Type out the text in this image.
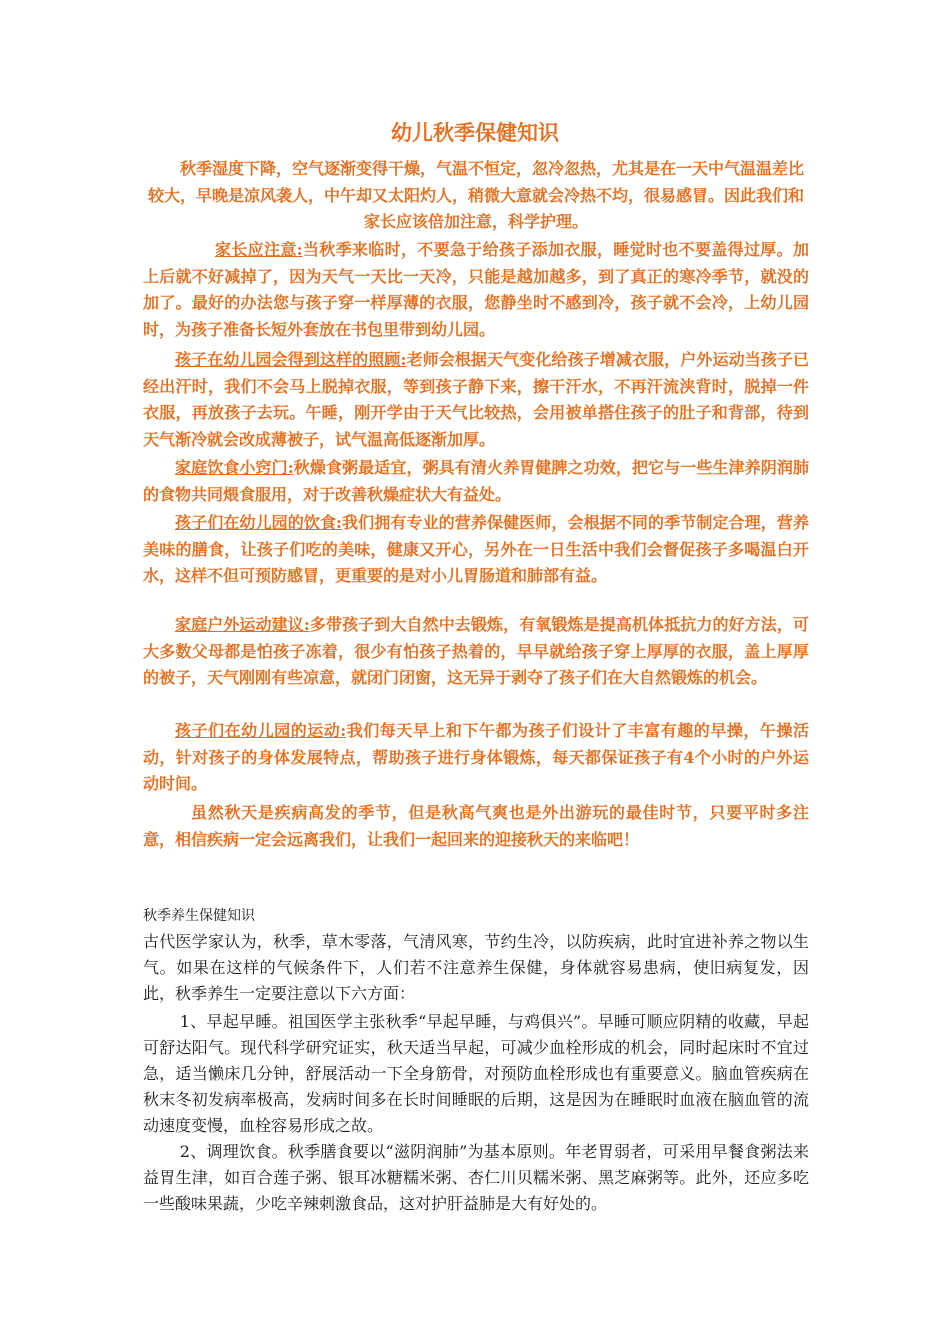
幼儿秋季保健知识

秋季湿度下降，空气逐渐变得干燥，气温不恒定，忽冷忽热，尤其是在一天中气温温差比较大，早晚是凉风袭人，中午却又太阳灼人，稍微大意就会冷热不均，很易感冒。因此我们和家长应该倍加注意，科学护理。

家长应注意:当秋季来临时，不要急于给孩子添加衣服，睡觉时也不要盖得过厚。加上后就不好减掉了，因为天气一天比一天冷，只能是越加越多，到了真正的寒冷季节，就没的加了。最好的办法您与孩子穿一样厚薄的衣服，您静坐时不感到冷，孩子就不会冷，上幼儿园时，为孩子准备长短外套放在书包里带到幼儿园。

孩子在幼儿园会得到这样的照顾:老师会根据天气变化给孩子增减衣服，户外运动当孩子已经出汗时，我们不会马上脱掉衣服，等到孩子静下来，擦干汗水，不再汗流浃背时，脱掉一件衣服，再放孩子去玩。午睡，刚开学由于天气比较热，会用被单搭住孩子的肚子和背部，待到天气渐冷就会改成薄被子，试气温高低逐渐加厚。

家庭饮食小窍门:秋燥食粥最适宜，粥具有清火养胃健脾之功效，把它与一些生津养阴润肺的食物共同煨食服用，对于改善秋燥症状大有益处。

孩子们在幼儿园的饮食:我们拥有专业的营养保健医师，会根据不同的季节制定合理，营养美味的膳食，让孩子们吃的美味，健康又开心，另外在一日生活中我们会督促孩子多喝温白开水，这样不但可预防感冒，更重要的是对小儿胃肠道和肺部有益。

家庭户外运动建议:多带孩子到大自然中去锻炼，有氧锻炼是提高机体抵抗力的好方法，可大多数父母都是怕孩子冻着，很少有怕孩子热着的，早早就给孩子穿上厚厚的衣服，盖上厚厚的被子，天气刚刚有些凉意，就闭门闭窗，这无异于剥夺了孩子们在大自然锻炼的机会。

孩子们在幼儿园的运动:我们每天早上和下午都为孩子们设计了丰富有趣的早操，午操活动，针对孩子的身体发展特点，帮助孩子进行身体锻炼，每天都保证孩子有4个小时的户外运动时间。

虽然秋天是疾病高发的季节，但是秋高气爽也是外出游玩的最佳时节，只要平时多注意，相信疾病一定会远离我们，让我们一起回来的迎接秋天的来临吧！

秋季养生保健知识

古代医学家认为，秋季，草木零落，气清风寒，节约生冷，以防疾病，此时宜进补养之物以生气。如果在这样的气候条件下，人们若不注意养生保健，身体就容易患病，使旧病复发，因此，秋季养生一定要注意以下六方面：

1、早起早睡。祖国医学主张秋季“早起早睡，与鸡俱兴”。早睡可顺应阴精的收藏，早起可舒达阳气。现代科学研究证实，秋天适当早起，可减少血栓形成的机会，同时起床时不宜过急，适当懒床几分钟，舒展活动一下全身筋骨，对预防血栓形成也有重要意义。脑血管疾病在秋末冬初发病率极高，发病时间多在长时间睡眠的后期，这是因为在睡眠时血液在脑血管的流动速度变慢，血栓容易形成之故。

2、调理饮食。秋季膳食要以“滋阴润肺”为基本原则。年老胃弱者，可采用早餐食粥法来益胃生津，如百合莲子粥、银耳冰糖糯米粥、杏仁川贝糯米粥、黑芝麻粥等。此外，还应多吃一些酸味果蔬，少吃辛辣刺激食品，这对护肝益肺是大有好处的。
